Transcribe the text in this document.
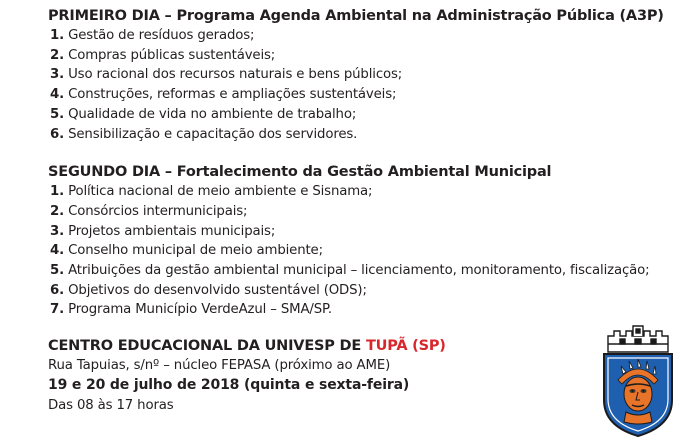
PRIMEIRO DIA – Programa Agenda Ambiental na Administração Pública (A3P)
1. Gestão de resíduos gerados;
2. Compras públicas sustentáveis;
3. Uso racional dos recursos naturais e bens públicos;
4. Construções, reformas e ampliações sustentáveis;
5. Qualidade de vida no ambiente de trabalho;
6. Sensibilização e capacitação dos servidores.
SEGUNDO DIA – Fortalecimento da Gestão Ambiental Municipal
1. Política nacional de meio ambiente e Sisnama;
2. Consórcios intermunicipais;
3. Projetos ambientais municipais;
4. Conselho municipal de meio ambiente;
5. Atribuições da gestão ambiental municipal – licenciamento, monitoramento, fiscalização;
6. Objetivos do desenvolvido sustentável (ODS);
7. Programa Município VerdeAzul – SMA/SP.
CENTRO EDUCACIONAL DA UNIVESP DE TUPÃ (SP)
Rua Tapuias, s/nº – núcleo FEPASA (próximo ao AME)
19 e 20 de julho de 2018 (quinta e sexta-feira)
Das 08 às 17 horas
